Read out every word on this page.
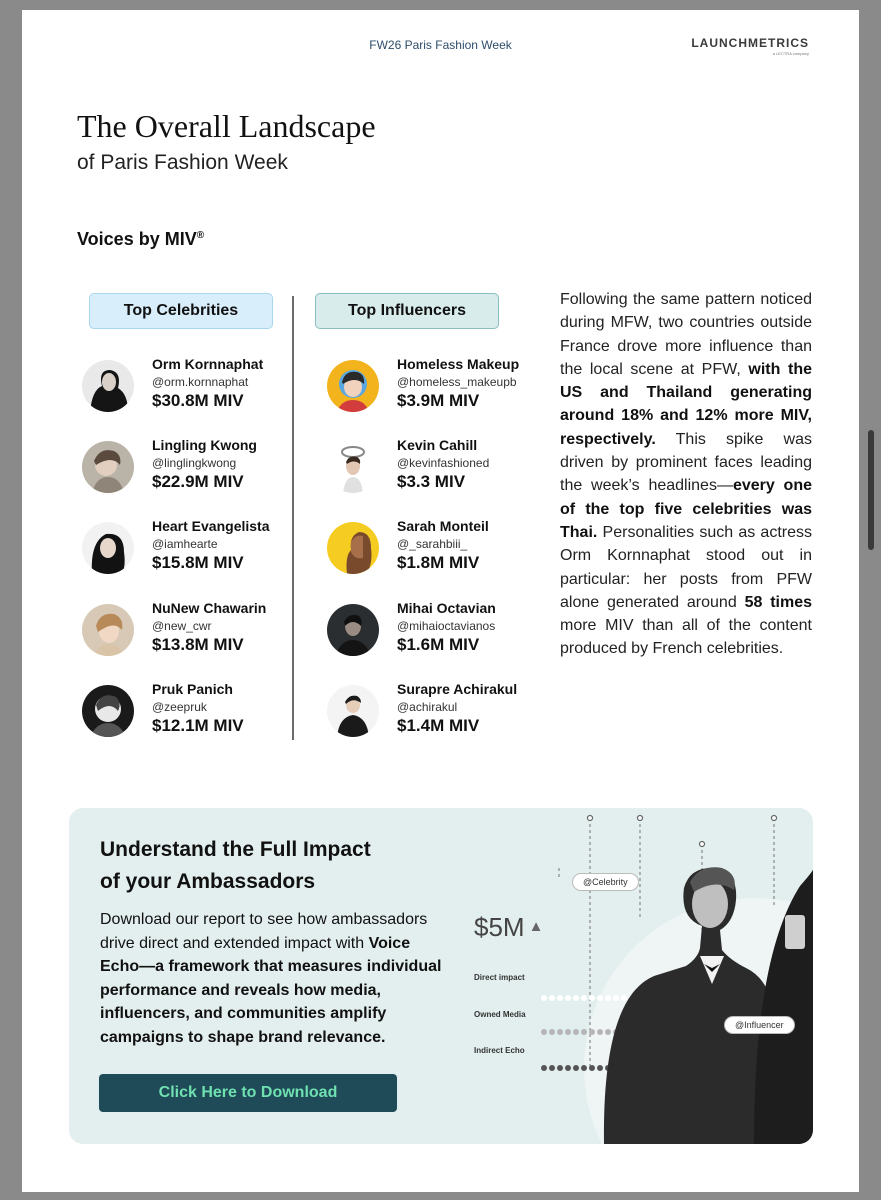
FW26 Paris Fashion Week	LAUNCHMETRICS
a LECTRA company
The Overall Landscape
of Paris Fashion Week
Voices by MIV®
Top Celebrities	Top Influencers
Orm Kornnaphat
@orm.kornnaphat
$30.8M MIV
Lingling Kwong
@linglingkwong
$22.9M MIV
Heart Evangelista
@iamhearte
$15.8M MIV
NuNew Chawarin
@new_cwr
$13.8M MIV
Pruk Panich
@zeepruk
$12.1M MIV
Homeless Makeup
@homeless_makeupb
$3.9M MIV
Kevin Cahill
@kevinfashioned
$3.3 MIV
Sarah Monteil
@_sarahbiii_
$1.8M MIV
Mihai Octavian
@mihaioctavianos
$1.6M MIV
Surapre Achirakul
@achirakul
$1.4M MIV
Following the same pattern noticed during MFW, two countries outside France drove more influence than the local scene at PFW, with the US and Thailand generating around 18% and 12% more MIV, respectively. This spike was driven by prominent faces leading the week’s headlines—every one of the top five celebrities was Thai. Personalities such as actress Orm Kornnaphat stood out in particular: her posts from PFW alone generated around 58 times more MIV than all of the content produced by French celebrities.
Understand the Full Impact
of your Ambassadors
Download our report to see how ambassadors drive direct and extended impact with Voice Echo—a framework that measures individual performance and reveals how media, influencers, and communities amplify campaigns to shape brand relevance.
Click Here to Download
@Celebrity
$5M ▲
Direct impact
Owned Media
Indirect Echo
@Influencer
